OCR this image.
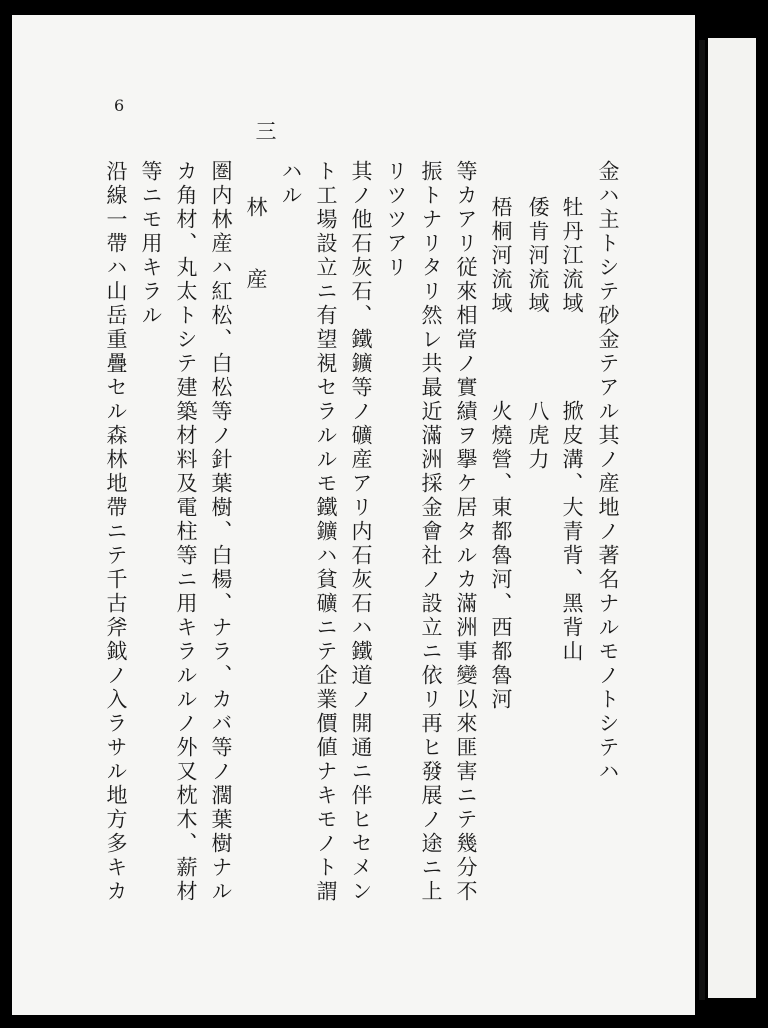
6
金ハ主トシテ砂金テアル其ノ産地ノ著名ナルモノトシテハ
牡丹江流域
掀皮溝、大青背、黑背山
倭肯河流域
八虎力
梧桐河流域
火燒營、東都魯河、西都魯河
等カアリ従來相當ノ實績ヲ擧ケ居タルカ滿洲事變以來匪害ニテ幾分不
振トナリタリ然レ共最近滿洲採金會社ノ設立ニ依リ再ヒ發展ノ途ニ上
リツツアリ
其ノ他石灰石、鐵鑛等ノ礦産アリ内石灰石ハ鐵道ノ開通ニ伴ヒセメン
ト工場設立ニ有望視セラルルモ鐵鑛ハ貧礦ニテ企業價値ナキモノト謂
ハル
三
林　　産
圏内林産ハ紅松、白松等ノ針葉樹、白楊、ナラ、カバ等ノ濶葉樹ナル
カ角材、丸太トシテ建築材料及電柱等ニ用キラルルノ外又枕木、薪材
等ニモ用キラル
沿線一帶ハ山岳重疊セル森林地帶ニテ千古斧鉞ノ入ラサル地方多キカ
